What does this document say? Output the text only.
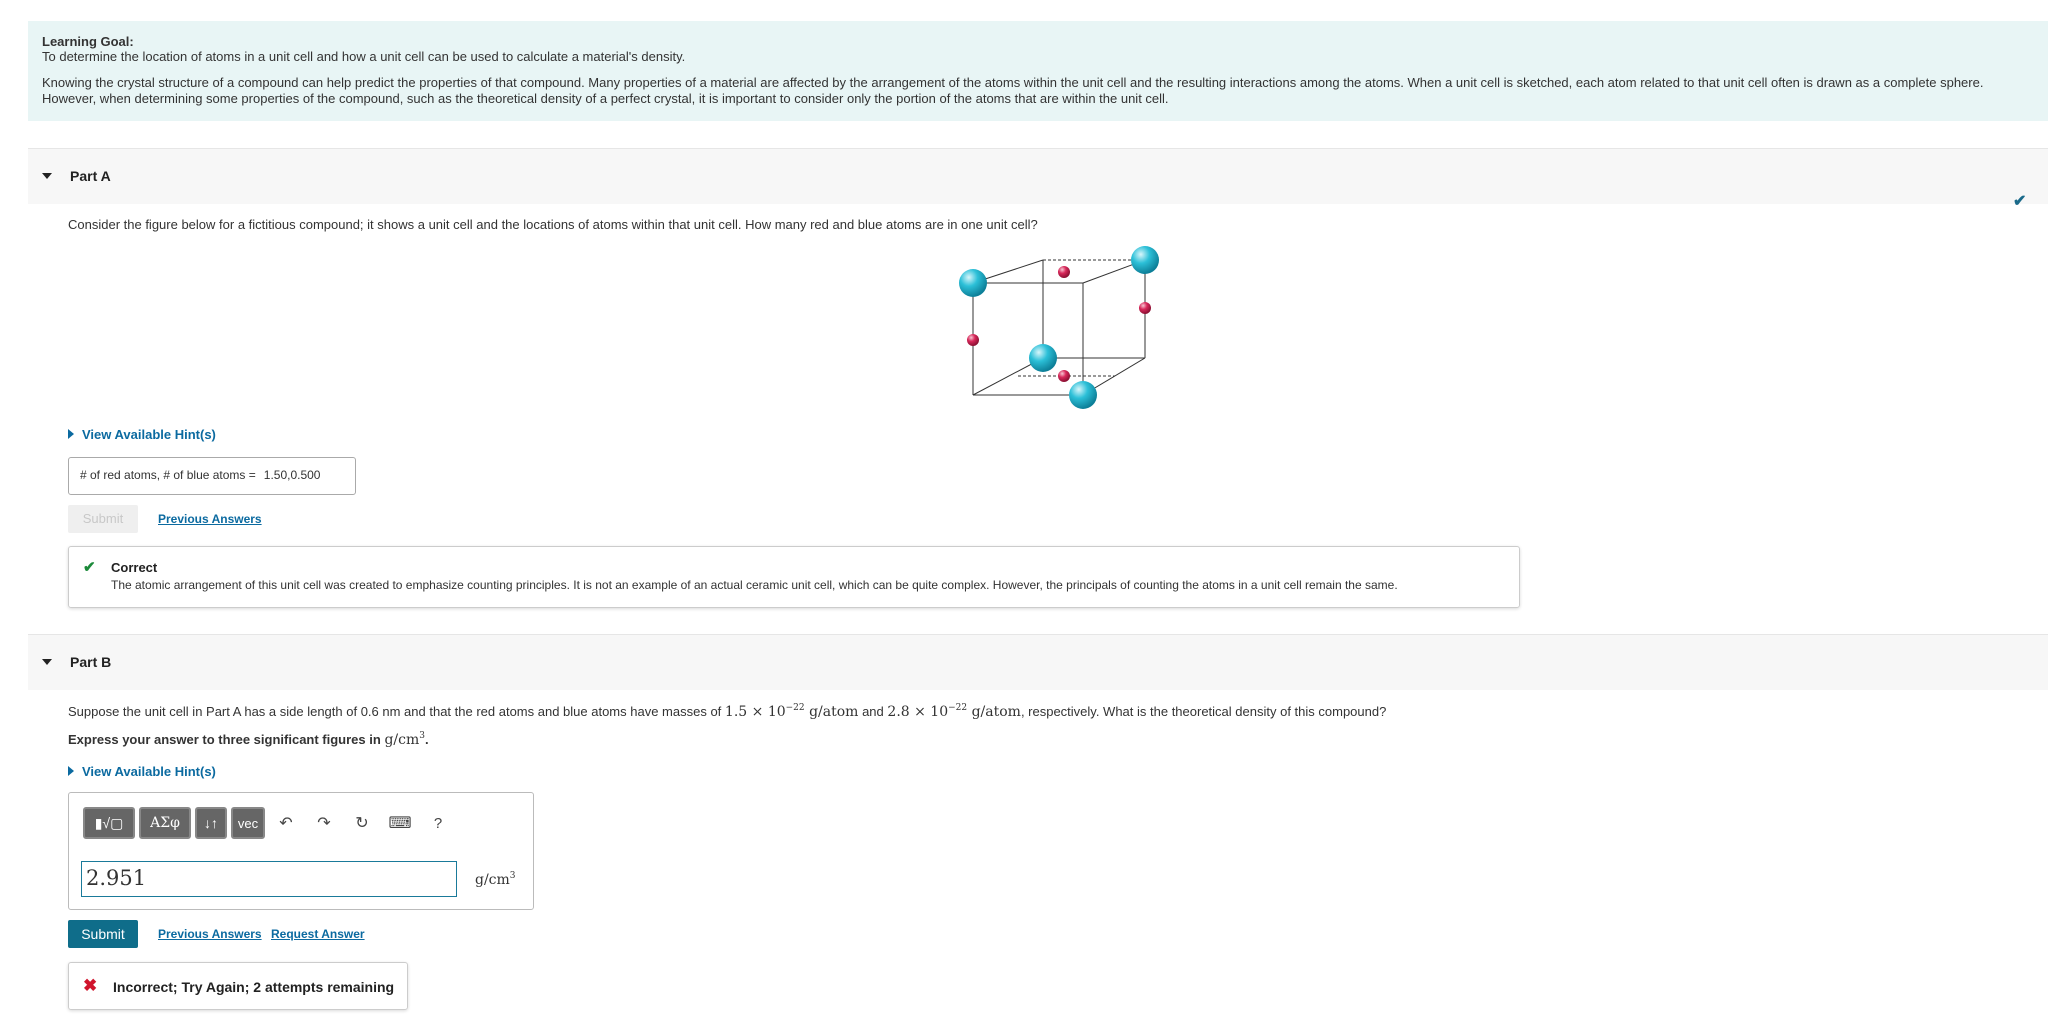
Learning Goal:
To determine the location of atoms in a unit cell and how a unit cell can be used to calculate a material's density.
Knowing the crystal structure of a compound can help predict the properties of that compound. Many properties of a material are affected by the arrangement of the atoms within the unit cell and the resulting interactions among the atoms. When a unit cell is sketched, each atom related to that unit cell often is drawn as a complete sphere.
However, when determining some properties of the compound, such as the theoretical density of a perfect crystal, it is important to consider only the portion of the atoms that are within the unit cell.
Part A
✔
Consider the figure below for a fictitious compound; it shows a unit cell and the locations of atoms within that unit cell. How many red and blue atoms are in one unit cell?
View Available Hint(s)
# of red atoms, # of blue atoms = 1.50,0.500
Submit	Previous Answers
✔ Correct
The atomic arrangement of this unit cell was created to emphasize counting principles. It is not an example of an actual ceramic unit cell, which can be quite complex. However, the principals of counting the atoms in a unit cell remain the same.
Part B
Suppose the unit cell in Part A has a side length of 0.6 nm and that the red atoms and blue atoms have masses of $1.5 \times 10^{-22}$ g/atom and $2.8 \times 10^{-22}$ g/atom, respectively. What is the theoretical density of this compound?
Express your answer to three significant figures in $g/cm^3$.
View Available Hint(s)
▮√▢	ΑΣφ	↓↑	vec	↶	↷	↻	⌨	?
2.951	$g/cm^3$
Submit	Previous Answers Request Answer
✖ Incorrect; Try Again; 2 attempts remaining
